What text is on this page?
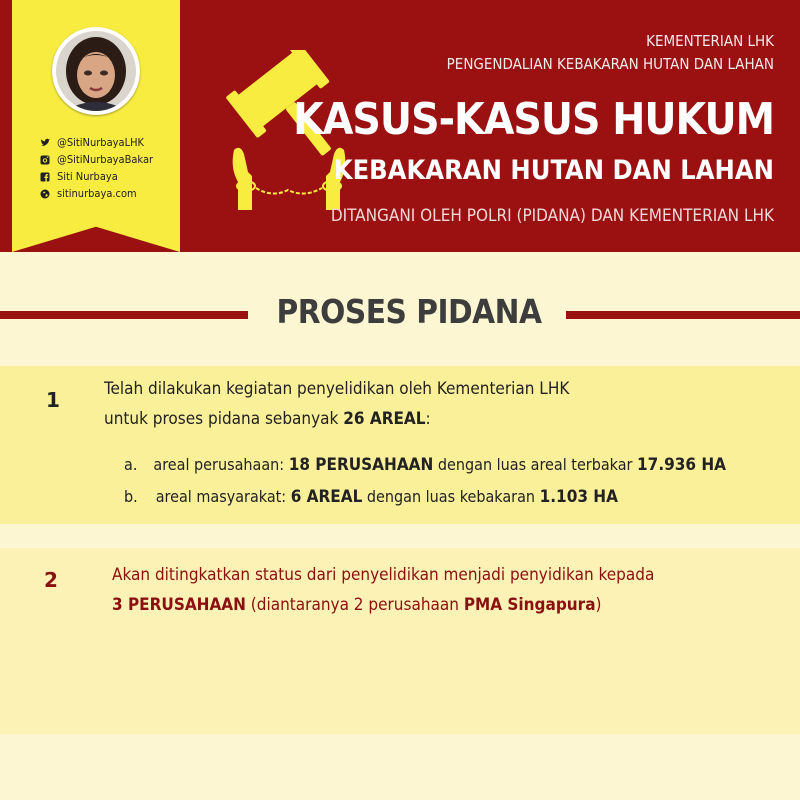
@SitiNurbayaLHK
@SitiNurbayaBakar
Siti Nurbaya
sitinurbaya.com
KEMENTERIAN LHK
PENGENDALIAN KEBAKARAN HUTAN DAN LAHAN
KASUS-KASUS HUKUM
KEBAKARAN HUTAN DAN LAHAN
DITANGANI OLEH POLRI (PIDANA) DAN KEMENTERIAN LHK
PROSES PIDANA
1	Telah dilakukan kegiatan penyelidikan oleh Kementerian LHK
untuk proses pidana sebanyak 26 AREAL:
a. areal perusahaan: 18 PERUSAHAAN dengan luas areal terbakar 17.936 HA
b. areal masyarakat: 6 AREAL dengan luas kebakaran 1.103 HA
2	Akan ditingkatkan status dari penyelidikan menjadi penyidikan kepada
3 PERUSAHAAN (diantaranya 2 perusahaan PMA Singapura)
